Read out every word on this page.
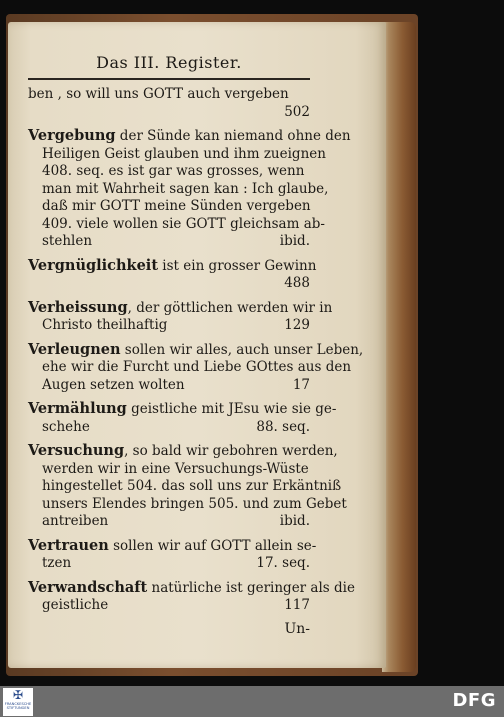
Das III. Register.
ben , so will uns GOTT auch vergeben
502
Vergebung der Sünde kan niemand ohne den
Heiligen Geist glauben und ihm zueignen
408. seq. es ist gar was grosses, wenn
man mit Wahrheit sagen kan : Ich glaube,
daß mir GOTT meine Sünden vergeben
409. viele wollen sie GOTT gleichsam ab-
stehlen	ibid.
Vergnüglichkeit ist ein grosser Gewinn
488
Verheissung, der göttlichen werden wir in
Christo theilhaftig	129
Verleugnen sollen wir alles, auch unser Leben,
ehe wir die Furcht und Liebe GOttes aus den
Augen setzen wolten	17
Vermählung geistliche mit JEsu wie sie ge-
schehe	88. seq.
Versuchung, so bald wir gebohren werden,
werden wir in eine Versuchungs-Wüste
hingestellet 504. das soll uns zur Erkäntniß
unsers Elendes bringen 505. und zum Gebet
antreiben	ibid.
Vertrauen sollen wir auf GOTT allein se-
tzen	17. seq.
Verwandschaft natürliche ist geringer als die
geistliche	117
Un-
✠
FRANCKESCHE STIFTUNGEN	DFG
